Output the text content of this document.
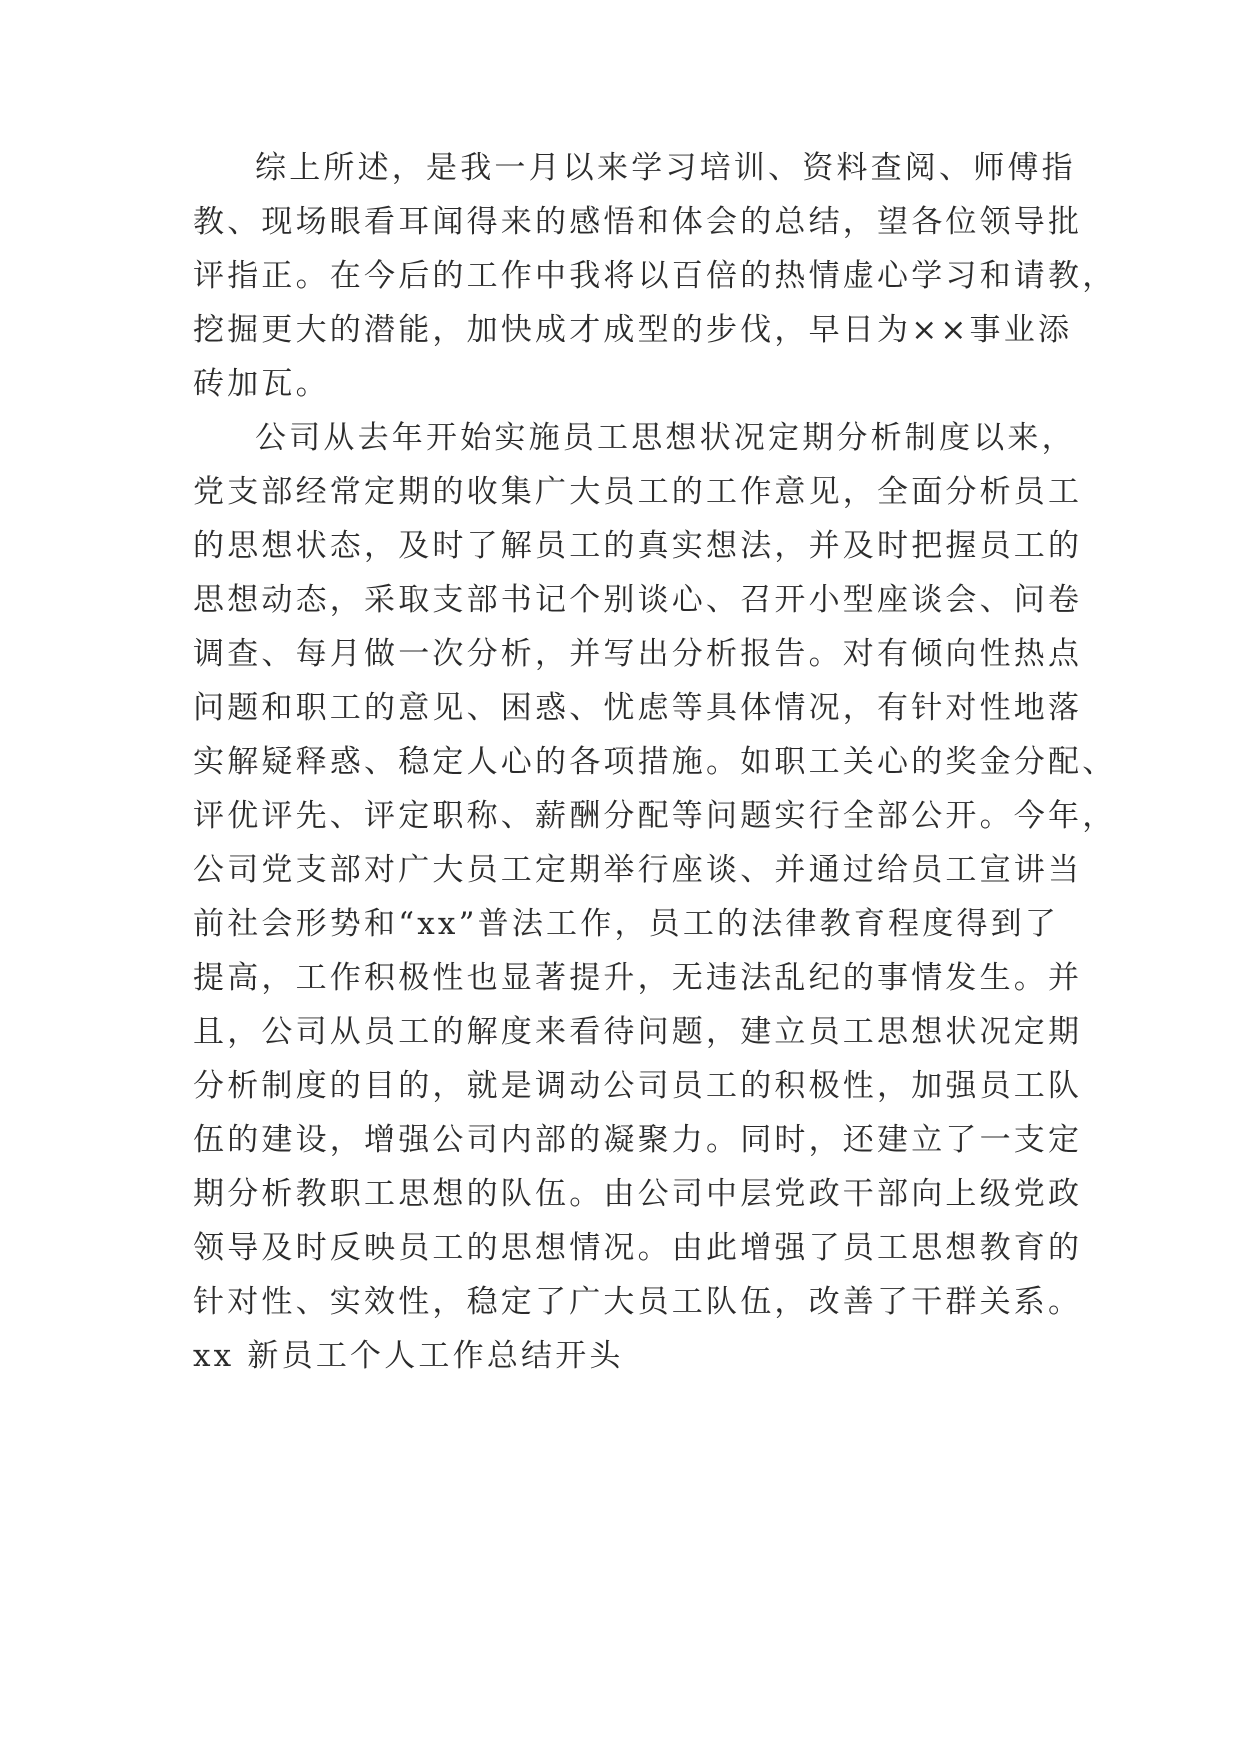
综上所述，是我一月以来学习培训、资料查阅、师傅指
教、现场眼看耳闻得来的感悟和体会的总结，望各位领导批
评指正。在今后的工作中我将以百倍的热情虚心学习和请教，
挖掘更大的潜能，加快成才成型的步伐，早日为××事业添
砖加瓦。
公司从去年开始实施员工思想状况定期分析制度以来，
党支部经常定期的收集广大员工的工作意见，全面分析员工
的思想状态，及时了解员工的真实想法，并及时把握员工的
思想动态，采取支部书记个别谈心、召开小型座谈会、问卷
调查、每月做一次分析，并写出分析报告。对有倾向性热点
问题和职工的意见、困惑、忧虑等具体情况，有针对性地落
实解疑释惑、稳定人心的各项措施。如职工关心的奖金分配、
评优评先、评定职称、薪酬分配等问题实行全部公开。今年，
公司党支部对广大员工定期举行座谈、并通过给员工宣讲当
前社会形势和“xx”普法工作，员工的法律教育程度得到了
提高，工作积极性也显著提升，无违法乱纪的事情发生。并
且，公司从员工的解度来看待问题，建立员工思想状况定期
分析制度的目的，就是调动公司员工的积极性，加强员工队
伍的建设，增强公司内部的凝聚力。同时，还建立了一支定
期分析教职工思想的队伍。由公司中层党政干部向上级党政
领导及时反映员工的思想情况。由此增强了员工思想教育的
针对性、实效性，稳定了广大员工队伍，改善了干群关系。
xx 新员工个人工作总结开头
